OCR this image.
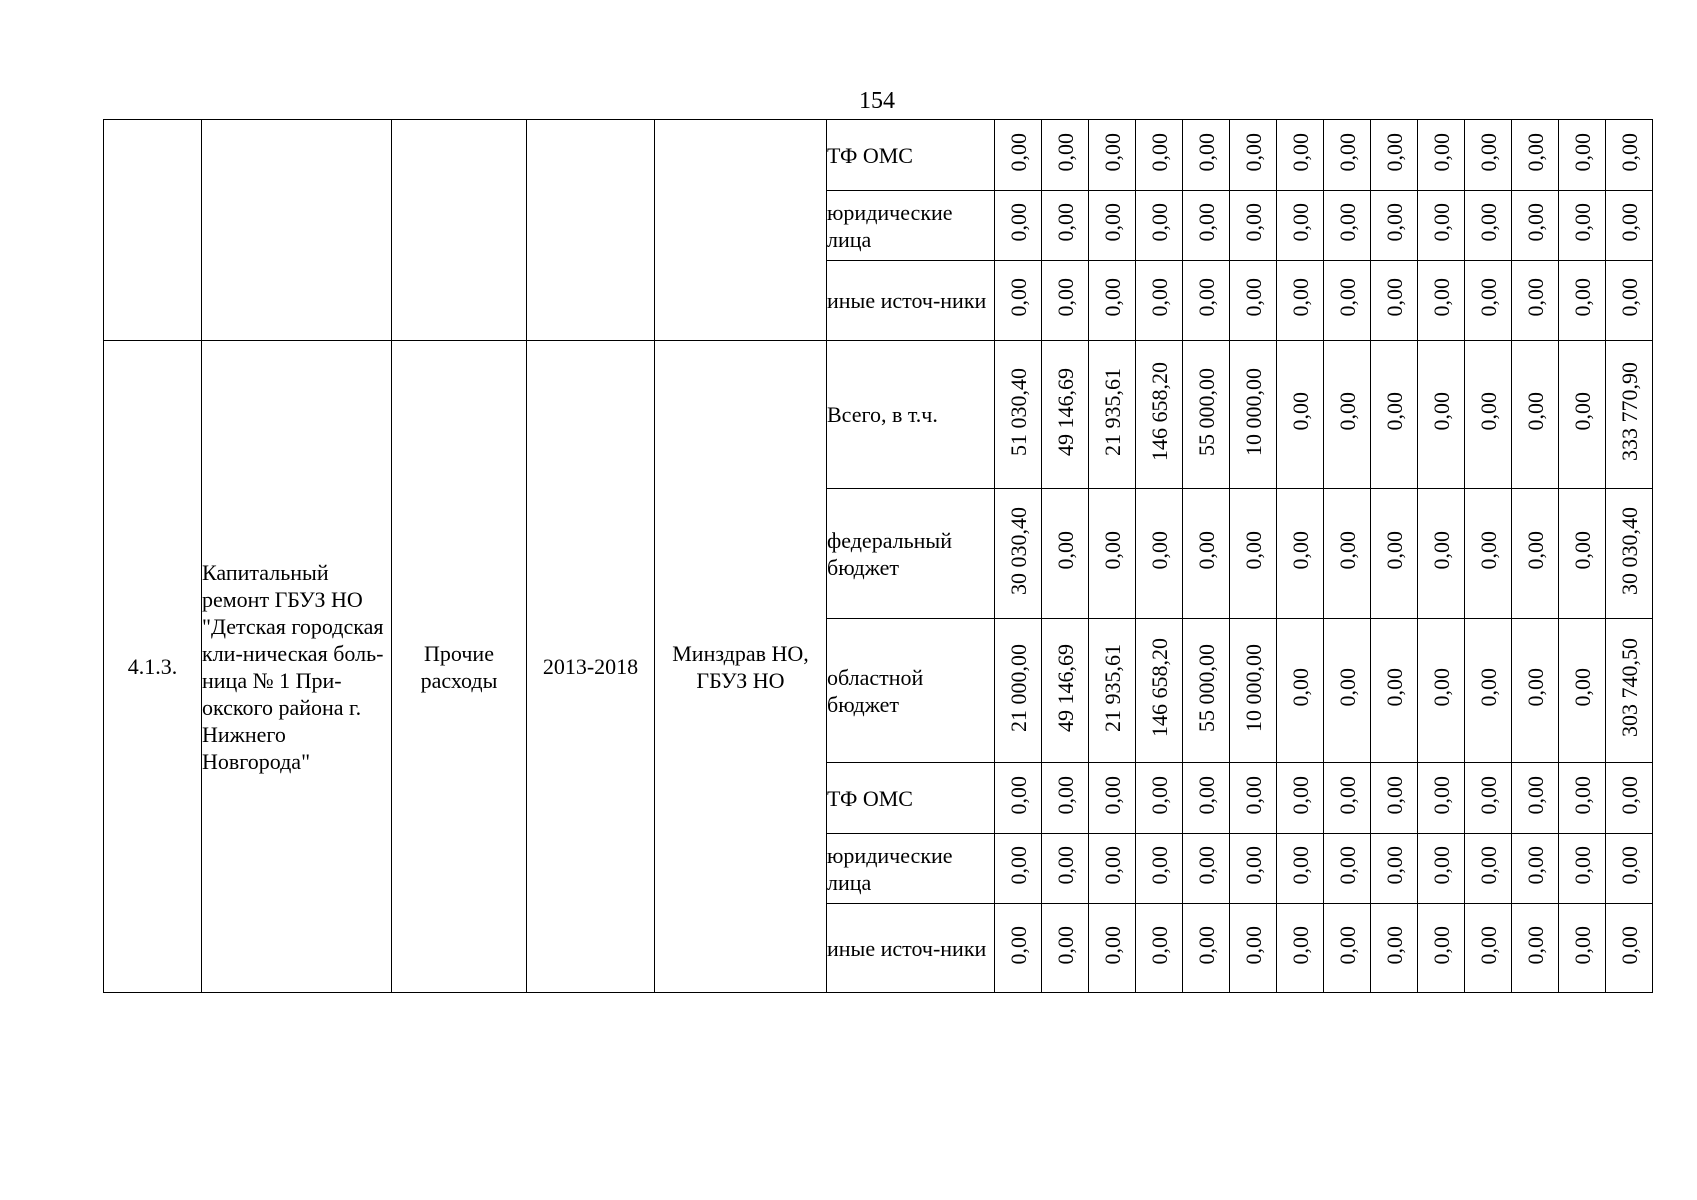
154
					ТФ ОМС	0,00	0,00	0,00	0,00	0,00	0,00	0,00	0,00	0,00	0,00	0,00	0,00	0,00	0,00
					юридические лица	0,00	0,00	0,00	0,00	0,00	0,00	0,00	0,00	0,00	0,00	0,00	0,00	0,00	0,00
					иные источ-ники	0,00	0,00	0,00	0,00	0,00	0,00	0,00	0,00	0,00	0,00	0,00	0,00	0,00	0,00
4.1.3.	Капитальный ремонт ГБУЗ НО "Детская городская кли-ническая боль-ница № 1 При-окского района г. Нижнего Новгорода"	Прочие расходы	2013-2018	Минздрав НО, ГБУЗ НО	Всего, в т.ч.	51 030,40	49 146,69	21 935,61	146 658,20	55 000,00	10 000,00	0,00	0,00	0,00	0,00	0,00	0,00	0,00	333 770,90
					федеральный бюджет	30 030,40	0,00	0,00	0,00	0,00	0,00	0,00	0,00	0,00	0,00	0,00	0,00	0,00	30 030,40
					областной бюджет	21 000,00	49 146,69	21 935,61	146 658,20	55 000,00	10 000,00	0,00	0,00	0,00	0,00	0,00	0,00	0,00	303 740,50
					ТФ ОМС	0,00	0,00	0,00	0,00	0,00	0,00	0,00	0,00	0,00	0,00	0,00	0,00	0,00	0,00
					юридические лица	0,00	0,00	0,00	0,00	0,00	0,00	0,00	0,00	0,00	0,00	0,00	0,00	0,00	0,00
					иные источ-ники	0,00	0,00	0,00	0,00	0,00	0,00	0,00	0,00	0,00	0,00	0,00	0,00	0,00	0,00
